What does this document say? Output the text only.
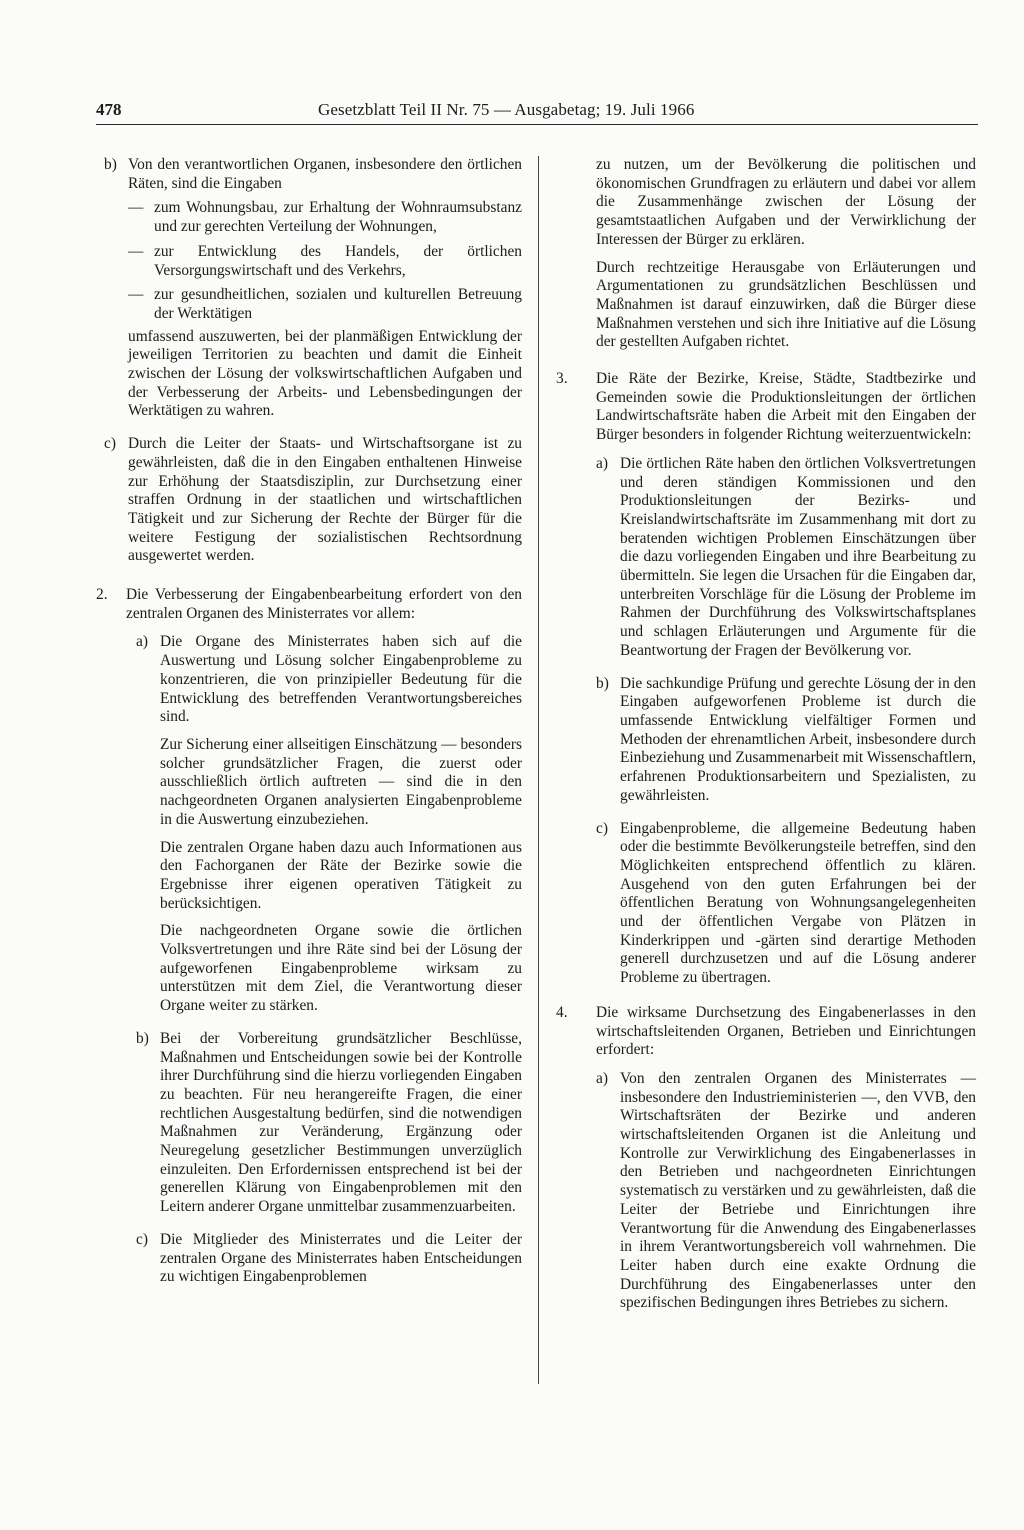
478	Gesetzblatt Teil II Nr. 75 — Ausgabetag; 19. Juli 1966
b) Von den verantwortlichen Organen, insbesondere den örtlichen Räten, sind die Eingaben

— zum Wohnungsbau, zur Erhaltung der Wohnraumsubstanz und zur gerechten Verteilung der Wohnungen,
— zur Entwicklung des Handels, der örtlichen Versorgungswirtschaft und des Verkehrs,
— zur gesundheitlichen, sozialen und kulturellen Betreuung der Werktätigen

umfassend auszuwerten, bei der planmäßigen Entwicklung der jeweiligen Territorien zu beachten und damit die Einheit zwischen der Lösung der volkswirtschaftlichen Aufgaben und der Verbesserung der Arbeits- und Lebensbedingungen der Werktätigen zu wahren.

c) Durch die Leiter der Staats- und Wirtschaftsorgane ist zu gewährleisten, daß die in den Eingaben enthaltenen Hinweise zur Erhöhung der Staatsdisziplin, zur Durchsetzung einer straffen Ordnung in der staatlichen und wirtschaftlichen Tätigkeit und zur Sicherung der Rechte der Bürger für die weitere Festigung der sozialistischen Rechtsordnung ausgewertet werden.

2.	Die Verbesserung der Eingabenbearbeitung erfordert von den zentralen Organen des Ministerrates vor allem:

a) Die Organe des Ministerrates haben sich auf die Auswertung und Lösung solcher Eingabenprobleme zu konzentrieren, die von prinzipieller Bedeutung für die Entwicklung des betreffenden Verantwortungsbereiches sind.

Zur Sicherung einer allseitigen Einschätzung — besonders solcher grundsätzlicher Fragen, die zuerst oder ausschließlich örtlich auftreten — sind die in den nachgeordneten Organen analysierten Eingabenprobleme in die Auswertung einzubeziehen.

Die zentralen Organe haben dazu auch Informationen aus den Fachorganen der Räte der Bezirke sowie die Ergebnisse ihrer eigenen operativen Tätigkeit zu berücksichtigen.

Die nachgeordneten Organe sowie die örtlichen Volksvertretungen und ihre Räte sind bei der Lösung der aufgeworfenen Eingabenprobleme wirksam zu unterstützen mit dem Ziel, die Verantwortung dieser Organe weiter zu stärken.

b) Bei der Vorbereitung grundsätzlicher Beschlüsse, Maßnahmen und Entscheidungen sowie bei der Kontrolle ihrer Durchführung sind die hierzu vorliegenden Eingaben zu beachten. Für neu herangereifte Fragen, die einer rechtlichen Ausgestaltung bedürfen, sind die notwendigen Maßnahmen zur Veränderung, Ergänzung oder Neuregelung gesetzlicher Bestimmungen unverzüglich einzuleiten. Den Erfordernissen entsprechend ist bei der generellen Klärung von Eingabenproblemen mit den Leitern anderer Organe unmittelbar zusammenzuarbeiten.

c) Die Mitglieder des Ministerrates und die Leiter der zentralen Organe des Ministerrates haben Entscheidungen zu wichtigen Eingabenproblemen

zu nutzen, um der Bevölkerung die politischen und ökonomischen Grundfragen zu erläutern und dabei vor allem die Zusammenhänge zwischen der Lösung der gesamtstaatlichen Aufgaben und der Verwirklichung der Interessen der Bürger zu erklären.

Durch rechtzeitige Herausgabe von Erläuterungen und Argumentationen zu grundsätzlichen Beschlüssen und Maßnahmen ist darauf einzuwirken, daß die Bürger diese Maßnahmen verstehen und sich ihre Initiative auf die Lösung der gestellten Aufgaben richtet.

3.	Die Räte der Bezirke, Kreise, Städte, Stadtbezirke und Gemeinden sowie die Produktionsleitungen der örtlichen Landwirtschaftsräte haben die Arbeit mit den Eingaben der Bürger besonders in folgender Richtung weiterzuentwickeln:

a) Die örtlichen Räte haben den örtlichen Volksvertretungen und deren ständigen Kommissionen und den Produktionsleitungen der Bezirks- und Kreislandwirtschaftsräte im Zusammenhang mit dort zu beratenden wichtigen Problemen Einschätzungen über die dazu vorliegenden Eingaben und ihre Bearbeitung zu übermitteln. Sie legen die Ursachen für die Eingaben dar, unterbreiten Vorschläge für die Lösung der Probleme im Rahmen der Durchführung des Volkswirtschaftsplanes und schlagen Erläuterungen und Argumente für die Beantwortung der Fragen der Bevölkerung vor.

b) Die sachkundige Prüfung und gerechte Lösung der in den Eingaben aufgeworfenen Probleme ist durch die umfassende Entwicklung vielfältiger Formen und Methoden der ehrenamtlichen Arbeit, insbesondere durch Einbeziehung und Zusammenarbeit mit Wissenschaftlern, erfahrenen Produktionsarbeitern und Spezialisten, zu gewährleisten.

c) Eingabenprobleme, die allgemeine Bedeutung haben oder die bestimmte Bevölkerungsteile betreffen, sind den Möglichkeiten entsprechend öffentlich zu klären. Ausgehend von den guten Erfahrungen bei der öffentlichen Beratung von Wohnungsangelegenheiten und der öffentlichen Vergabe von Plätzen in Kinderkrippen und -gärten sind derartige Methoden generell durchzusetzen und auf die Lösung anderer Probleme zu übertragen.

4.	Die wirksame Durchsetzung des Eingabenerlasses in den wirtschaftsleitenden Organen, Betrieben und Einrichtungen erfordert:

a) Von den zentralen Organen des Ministerrates — insbesondere den Industrieministerien —, den VVB, den Wirtschaftsräten der Bezirke und anderen wirtschaftsleitenden Organen ist die Anleitung und Kontrolle zur Verwirklichung des Eingabenerlasses in den Betrieben und nachgeordneten Einrichtungen systematisch zu verstärken und zu gewährleisten, daß die Leiter der Betriebe und Einrichtungen ihre Verantwortung für die Anwendung des Eingabenerlasses in ihrem Verantwortungsbereich voll wahrnehmen. Die Leiter haben durch eine exakte Ordnung die Durchführung des Eingabenerlasses unter den spezifischen Bedingungen ihres Betriebes zu sichern.
